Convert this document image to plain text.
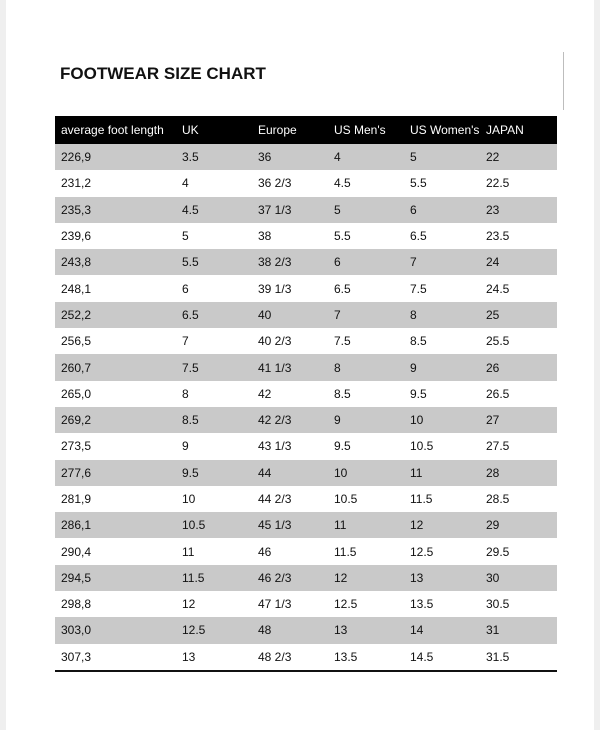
FOOTWEAR SIZE CHART
average foot length	UK	Europe	US Men's	US Women's	JAPAN
226,9	3.5	36	4	5	22
231,2	4	36 2/3	4.5	5.5	22.5
235,3	4.5	37 1/3	5	6	23
239,6	5	38	5.5	6.5	23.5
243,8	5.5	38 2/3	6	7	24
248,1	6	39 1/3	6.5	7.5	24.5
252,2	6.5	40	7	8	25
256,5	7	40 2/3	7.5	8.5	25.5
260,7	7.5	41 1/3	8	9	26
265,0	8	42	8.5	9.5	26.5
269,2	8.5	42 2/3	9	10	27
273,5	9	43 1/3	9.5	10.5	27.5
277,6	9.5	44	10	11	28
281,9	10	44 2/3	10.5	11.5	28.5
286,1	10.5	45 1/3	11	12	29
290,4	11	46	11.5	12.5	29.5
294,5	11.5	46 2/3	12	13	30
298,8	12	47 1/3	12.5	13.5	30.5
303,0	12.5	48	13	14	31
307,3	13	48 2/3	13.5	14.5	31.5
